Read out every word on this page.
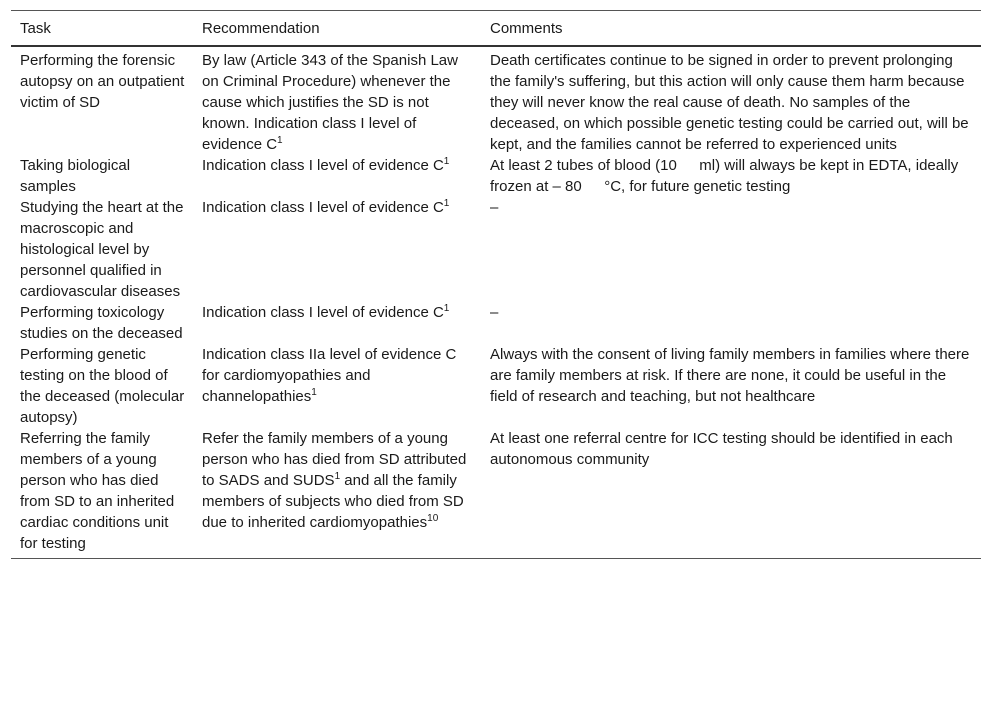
Task	Recommendation	Comments
Performing the forensic autopsy on an outpatient victim of SD	By law (Article 343 of the Spanish Law on Criminal Procedure) whenever the cause which justifies the SD is not known. Indication class I level of evidence $C^1$	Death certificates continue to be signed in order to prevent prolonging the family's suffering, but this action will only cause them harm because they will never know the real cause of death. No samples of the deceased, on which possible genetic testing could be carried out, will be kept, and the families cannot be referred to experienced units
Taking biological samples	Indication class I level of evidence $C^1$	At least 2 tubes of blood (10   ml) will always be kept in EDTA, ideally frozen at – 80   °C, for future genetic testing
Studying the heart at the macroscopic and histological level by personnel qualified in cardiovascular diseases	Indication class I level of evidence $C^1$	–
Performing toxicology studies on the deceased	Indication class I level of evidence $C^1$	–
Performing genetic testing on the blood of the deceased (molecular autopsy)	Indication class IIa level of evidence C for cardiomyopathies and channelopathies$^1$	Always with the consent of living family members in families where there are family members at risk. If there are none, it could be useful in the field of research and teaching, but not healthcare
Referring the family members of a young person who has died from SD to an inherited cardiac conditions unit for testing	Refer the family members of a young person who has died from SD attributed to SADS and SUDS$^1$ and all the family members of subjects who died from SD due to inherited cardiomyopathies$^{10}$	At least one referral centre for ICC testing should be identified in each autonomous community
